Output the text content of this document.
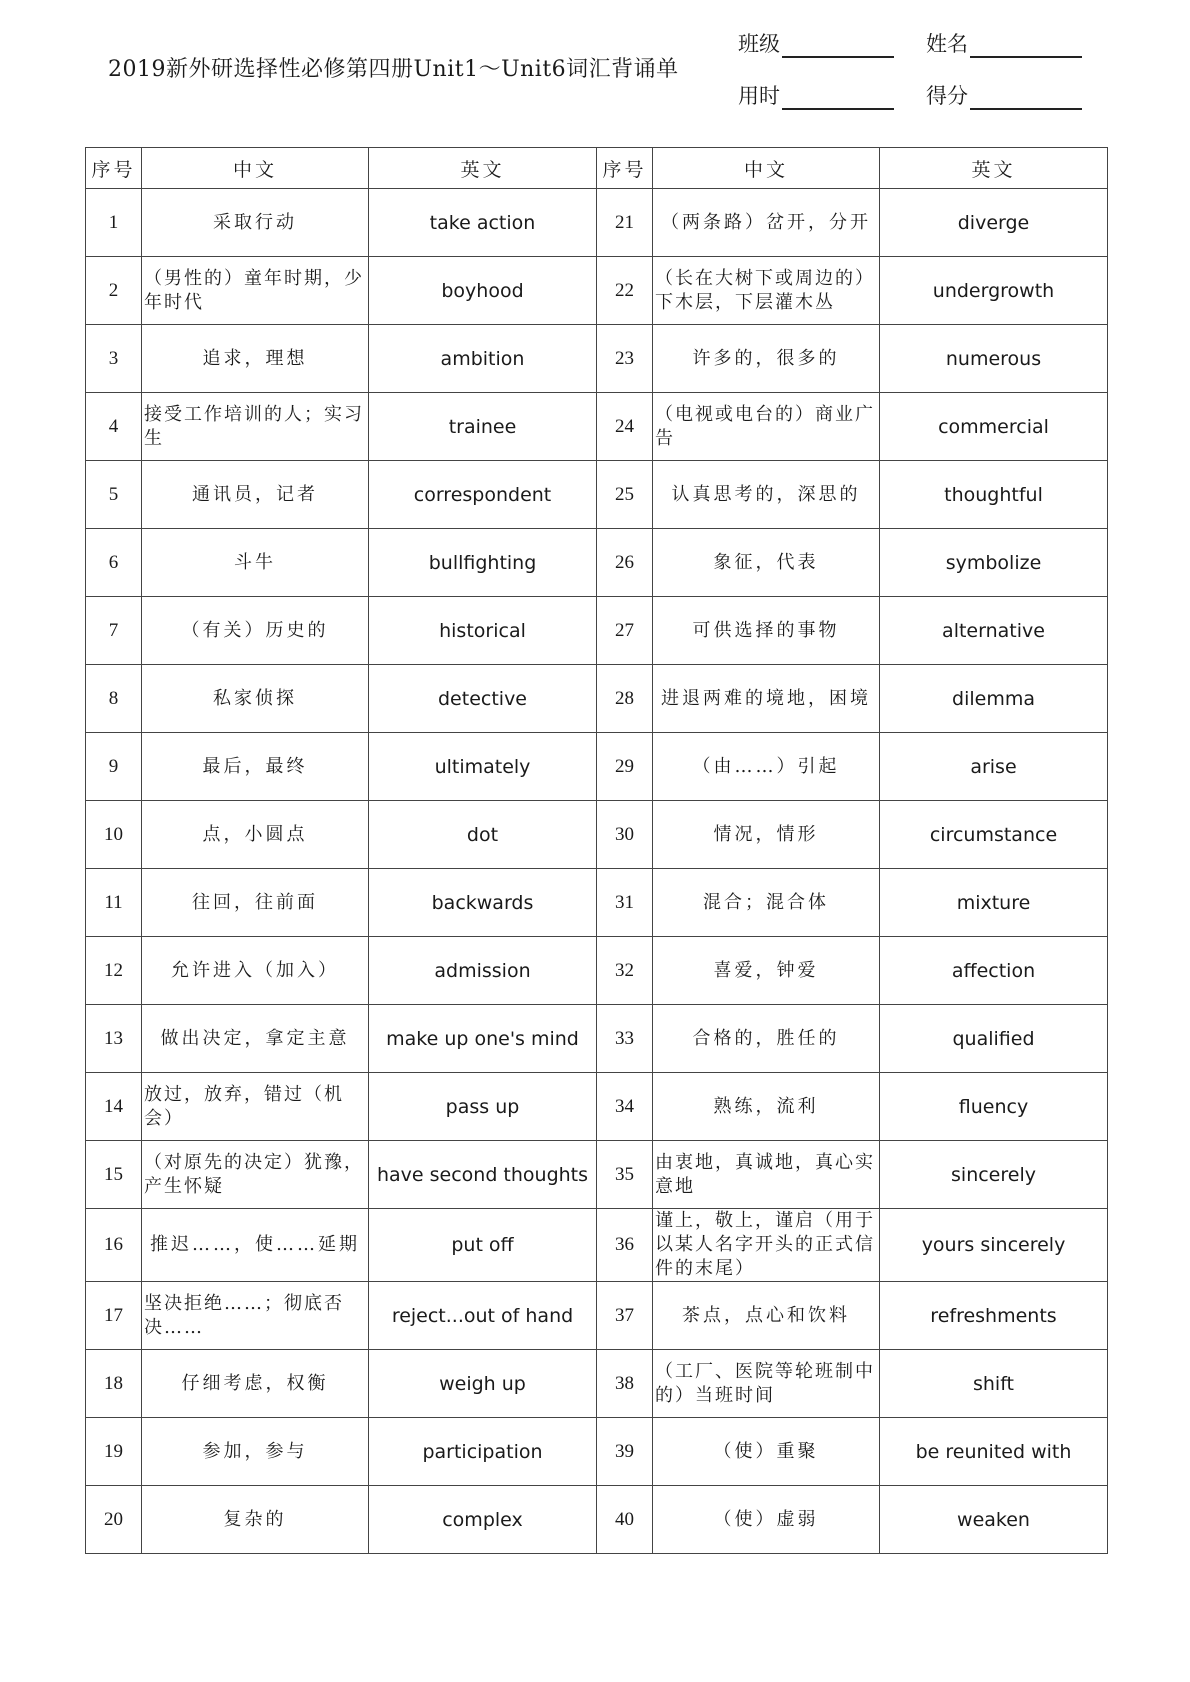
2019新外研选择性必修第四册Unit1～Unit6词汇背诵单
班级	姓名
用时	得分
序号	中文	英文	序号	中文	英文
1	采取行动	take action	21	（两条路）岔开，分开	diverge
2	（男性的）童年时期，少年时代	boyhood	22	（长在大树下或周边的）下木层，下层灌木丛	undergrowth
3	追求，理想	ambition	23	许多的，很多的	numerous
4	接受工作培训的人；实习生	trainee	24	（电视或电台的）商业广告	commercial
5	通讯员，记者	correspondent	25	认真思考的，深思的	thoughtful
6	斗牛	bullfighting	26	象征，代表	symbolize
7	（有关）历史的	historical	27	可供选择的事物	alternative
8	私家侦探	detective	28	进退两难的境地，困境	dilemma
9	最后，最终	ultimately	29	（由……）引起	arise
10	点，小圆点	dot	30	情况，情形	circumstance
11	往回，往前面	backwards	31	混合；混合体	mixture
12	允许进入（加入）	admission	32	喜爱，钟爱	affection
13	做出决定，拿定主意	make up one's mind	33	合格的，胜任的	qualified
14	放过，放弃，错过（机会）	pass up	34	熟练，流利	fluency
15	（对原先的决定）犹豫，产生怀疑	have second thoughts	35	由衷地，真诚地，真心实意地	sincerely
16	推迟……，使……延期	put off	36	谨上，敬上，谨启（用于以某人名字开头的正式信件的末尾）	yours sincerely
17	坚决拒绝……；彻底否决……	reject...out of hand	37	茶点，点心和饮料	refreshments
18	仔细考虑，权衡	weigh up	38	（工厂、医院等轮班制中的）当班时间	shift
19	参加，参与	participation	39	（使）重聚	be reunited with
20	复杂的	complex	40	（使）虚弱	weaken
